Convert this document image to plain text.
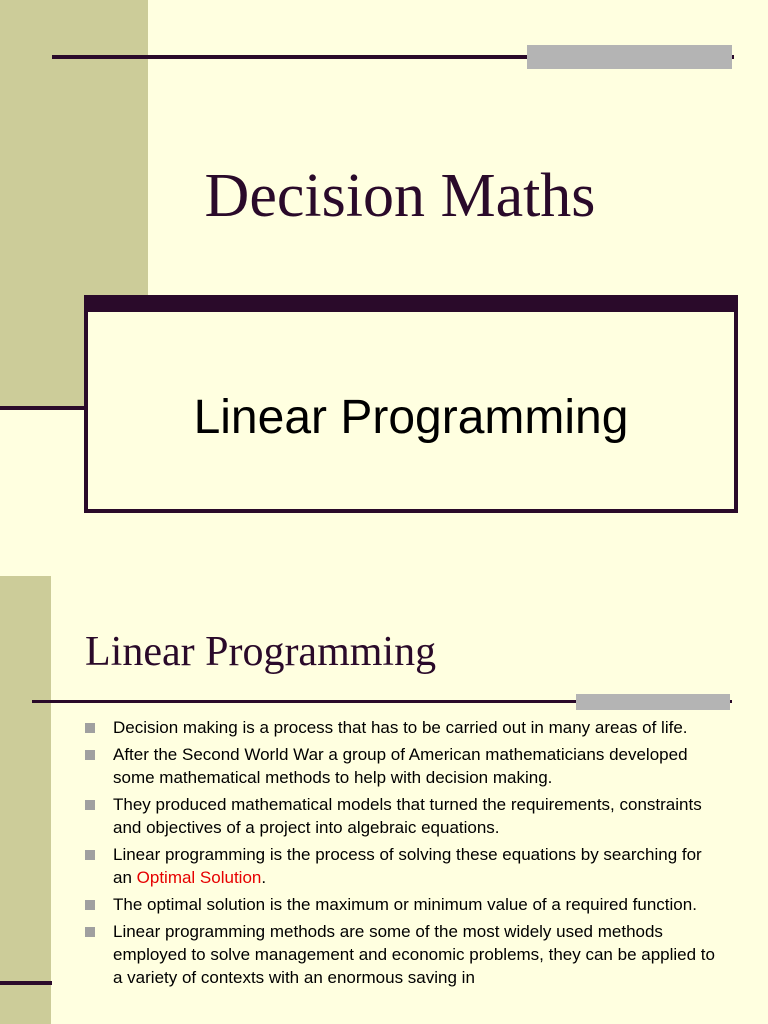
Decision Maths
Linear Programming
Linear Programming
Decision making is a process that has to be carried out in many areas of life.
After the Second World War a group of American mathematicians developed some mathematical methods to help with decision making.
They produced mathematical models that turned the requirements, constraints and objectives of a project into algebraic equations.
Linear programming is the process of solving these equations by searching for an Optimal Solution.
The optimal solution is the maximum or minimum value of a required function.
Linear programming methods are some of the most widely used methods employed to solve management and economic problems, they can be applied to a variety of contexts with an enormous saving in
